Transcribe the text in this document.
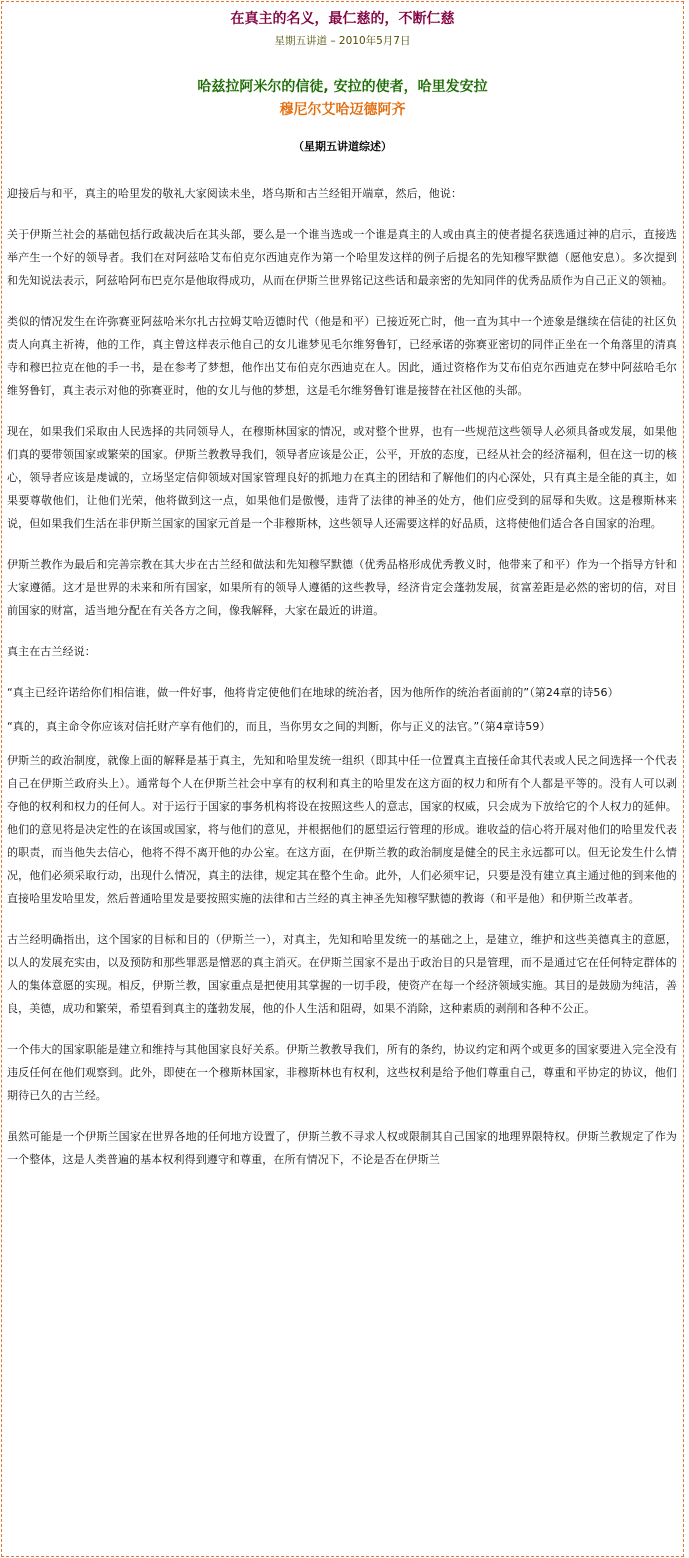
在真主的名义，最仁慈的，不断仁慈
星期五讲道 – 2010年5月7日
哈兹拉阿米尔的信徒, 安拉的使者，哈里发安拉
穆尼尔艾哈迈德阿齐
（星期五讲道综述）

迎接后与和平，真主的哈里发的敬礼大家阅读未坐，塔乌斯和古兰经钼开端章，然后，他说：

关于伊斯兰社会的基础包括行政裁决后在其头部，要么是一个谁当选或一个谁是真主的人或由真主的使者提名获选通过神的启示，直接选举产生一个好的领导者。我们在对阿兹哈艾布伯克尔西迪克作为第一个哈里发这样的例子后提名的先知穆罕默德（愿他安息）。多次提到和先知说法表示，阿兹哈阿布巴克尔是他取得成功，从而在伊斯兰世界铭记这些话和最亲密的先知同伴的优秀品质作为自己正义的领袖。

类似的情况发生在许弥赛亚阿兹哈米尔扎古拉姆艾哈迈德时代（他是和平）已接近死亡时，他一直为其中一个迹象是继续在信徒的社区负责人向真主祈祷，他的工作，真主曾这样表示他自己的女儿谁梦见毛尔维努鲁钉，已经承诺的弥赛亚密切的同伴正坐在一个角落里的清真寺和穆巴拉克在他的手一书，是在参考了梦想，他作出艾布伯克尔西迪克在人。因此，通过资格作为艾布伯克尔西迪克在梦中阿兹哈毛尔维努鲁钉，真主表示对他的弥赛亚时，他的女儿与他的梦想，这是毛尔维努鲁钉谁是接替在社区他的头部。

现在，如果我们采取由人民选择的共同领导人，在穆斯林国家的情况，或对整个世界，也有一些规范这些领导人必须具备或发展，如果他们真的要带领国家或繁荣的国家。伊斯兰教教导我们，领导者应该是公正，公平，开放的态度，已经从社会的经济福利，但在这一切的核心，领导者应该是虔诚的，立场坚定信仰领域对国家管理良好的抓地力在真主的团结和了解他们的内心深处，只有真主是全能的真主，如果要尊敬他们，让他们光荣，他将做到这一点，如果他们是傲慢，违背了法律的神圣的处方，他们应受到的屈辱和失败。这是穆斯林来说，但如果我们生活在非伊斯兰国家的国家元首是一个非穆斯林，这些领导人还需要这样的好品质，这将使他们适合各自国家的治理。

伊斯兰教作为最后和完善宗教在其大步在古兰经和做法和先知穆罕默德（优秀品格形成优秀教义时，他带来了和平）作为一个指导方针和大家遵循。这才是世界的未来和所有国家，如果所有的领导人遵循的这些教导，经济肯定会蓬勃发展，贫富差距是必然的密切的信，对目前国家的财富，适当地分配在有关各方之间，像我解释，大家在最近的讲道。

真主在古兰经说：

“真主已经许诺给你们相信谁，做一件好事，他将肯定使他们在地球的统治者，因为他所作的统治者面前的”（第24章的诗56）

“真的，真主命令你应该对信托财产享有他们的，而且，当你男女之间的判断，你与正义的法官。”（第4章诗59）

伊斯兰的政治制度，就像上面的解释是基于真主，先知和哈里发统一组织（即其中任一位置真主直接任命其代表或人民之间选择一个代表自己在伊斯兰政府头上）。通常每个人在伊斯兰社会中享有的权利和真主的哈里发在这方面的权力和所有个人都是平等的。没有人可以剥夺他的权利和权力的任何人。对于运行于国家的事务机构将设在按照这些人的意志，国家的权威，只会成为下放给它的个人权力的延伸。他们的意见将是决定性的在该国或国家，将与他们的意见，并根据他们的愿望运行管理的形成。谁收益的信心将开展对他们的哈里发代表的职责，而当他失去信心，他将不得不离开他的办公室。在这方面，在伊斯兰教的政治制度是健全的民主永远都可以。但无论发生什么情况，他们必须采取行动，出现什么情况，真主的法律，规定其在整个生命。此外，人们必须牢记，只要是没有建立真主通过他的到来他的直接哈里发哈里发，然后普通哈里发是要按照实施的法律和古兰经的真主神圣先知穆罕默德的教诲（和平是他）和伊斯兰改革者。

古兰经明确指出，这个国家的目标和目的（伊斯兰一），对真主，先知和哈里发统一的基础之上，是建立，维护和这些美德真主的意愿，以人的发展充实由，以及预防和那些罪恶是憎恶的真主消灭。在伊斯兰国家不是出于政治目的只是管理，而不是通过它在任何特定群体的人的集体意愿的实现。相反，伊斯兰教，国家重点是把使用其掌握的一切手段，使资产在每一个经济领域实施。其目的是鼓励为纯洁，善良，美德，成功和繁荣，希望看到真主的蓬勃发展，他的仆人生活和阻碍，如果不消除，这种素质的剥削和各种不公正。

一个伟大的国家职能是建立和维持与其他国家良好关系。伊斯兰教教导我们，所有的条约，协议约定和两个或更多的国家要进入完全没有违反任何在他们观察到。此外，即使在一个穆斯林国家，非穆斯林也有权利，这些权利是给予他们尊重自己，尊重和平协定的协议，他们期待已久的古兰经。

虽然可能是一个伊斯兰国家在世界各地的任何地方设置了，伊斯兰教不寻求人权或限制其自己国家的地理界限特权。伊斯兰教规定了作为一个整体，这是人类普遍的基本权利得到遵守和尊重，在所有情况下，不论是否在伊斯兰
